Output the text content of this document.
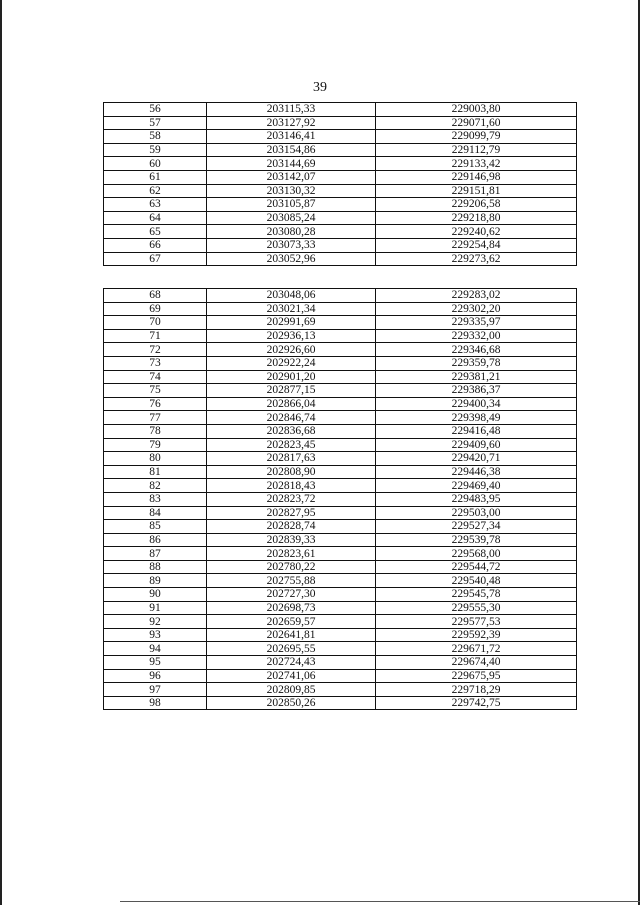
39
56	203115,33	229003,80
57	203127,92	229071,60
58	203146,41	229099,79
59	203154,86	229112,79
60	203144,69	229133,42
61	203142,07	229146,98
62	203130,32	229151,81
63	203105,87	229206,58
64	203085,24	229218,80
65	203080,28	229240,62
66	203073,33	229254,84
67	203052,96	229273,62
68	203048,06	229283,02
69	203021,34	229302,20
70	202991,69	229335,97
71	202936,13	229332,00
72	202926,60	229346,68
73	202922,24	229359,78
74	202901,20	229381,21
75	202877,15	229386,37
76	202866,04	229400,34
77	202846,74	229398,49
78	202836,68	229416,48
79	202823,45	229409,60
80	202817,63	229420,71
81	202808,90	229446,38
82	202818,43	229469,40
83	202823,72	229483,95
84	202827,95	229503,00
85	202828,74	229527,34
86	202839,33	229539,78
87	202823,61	229568,00
88	202780,22	229544,72
89	202755,88	229540,48
90	202727,30	229545,78
91	202698,73	229555,30
92	202659,57	229577,53
93	202641,81	229592,39
94	202695,55	229671,72
95	202724,43	229674,40
96	202741,06	229675,95
97	202809,85	229718,29
98	202850,26	229742,75
